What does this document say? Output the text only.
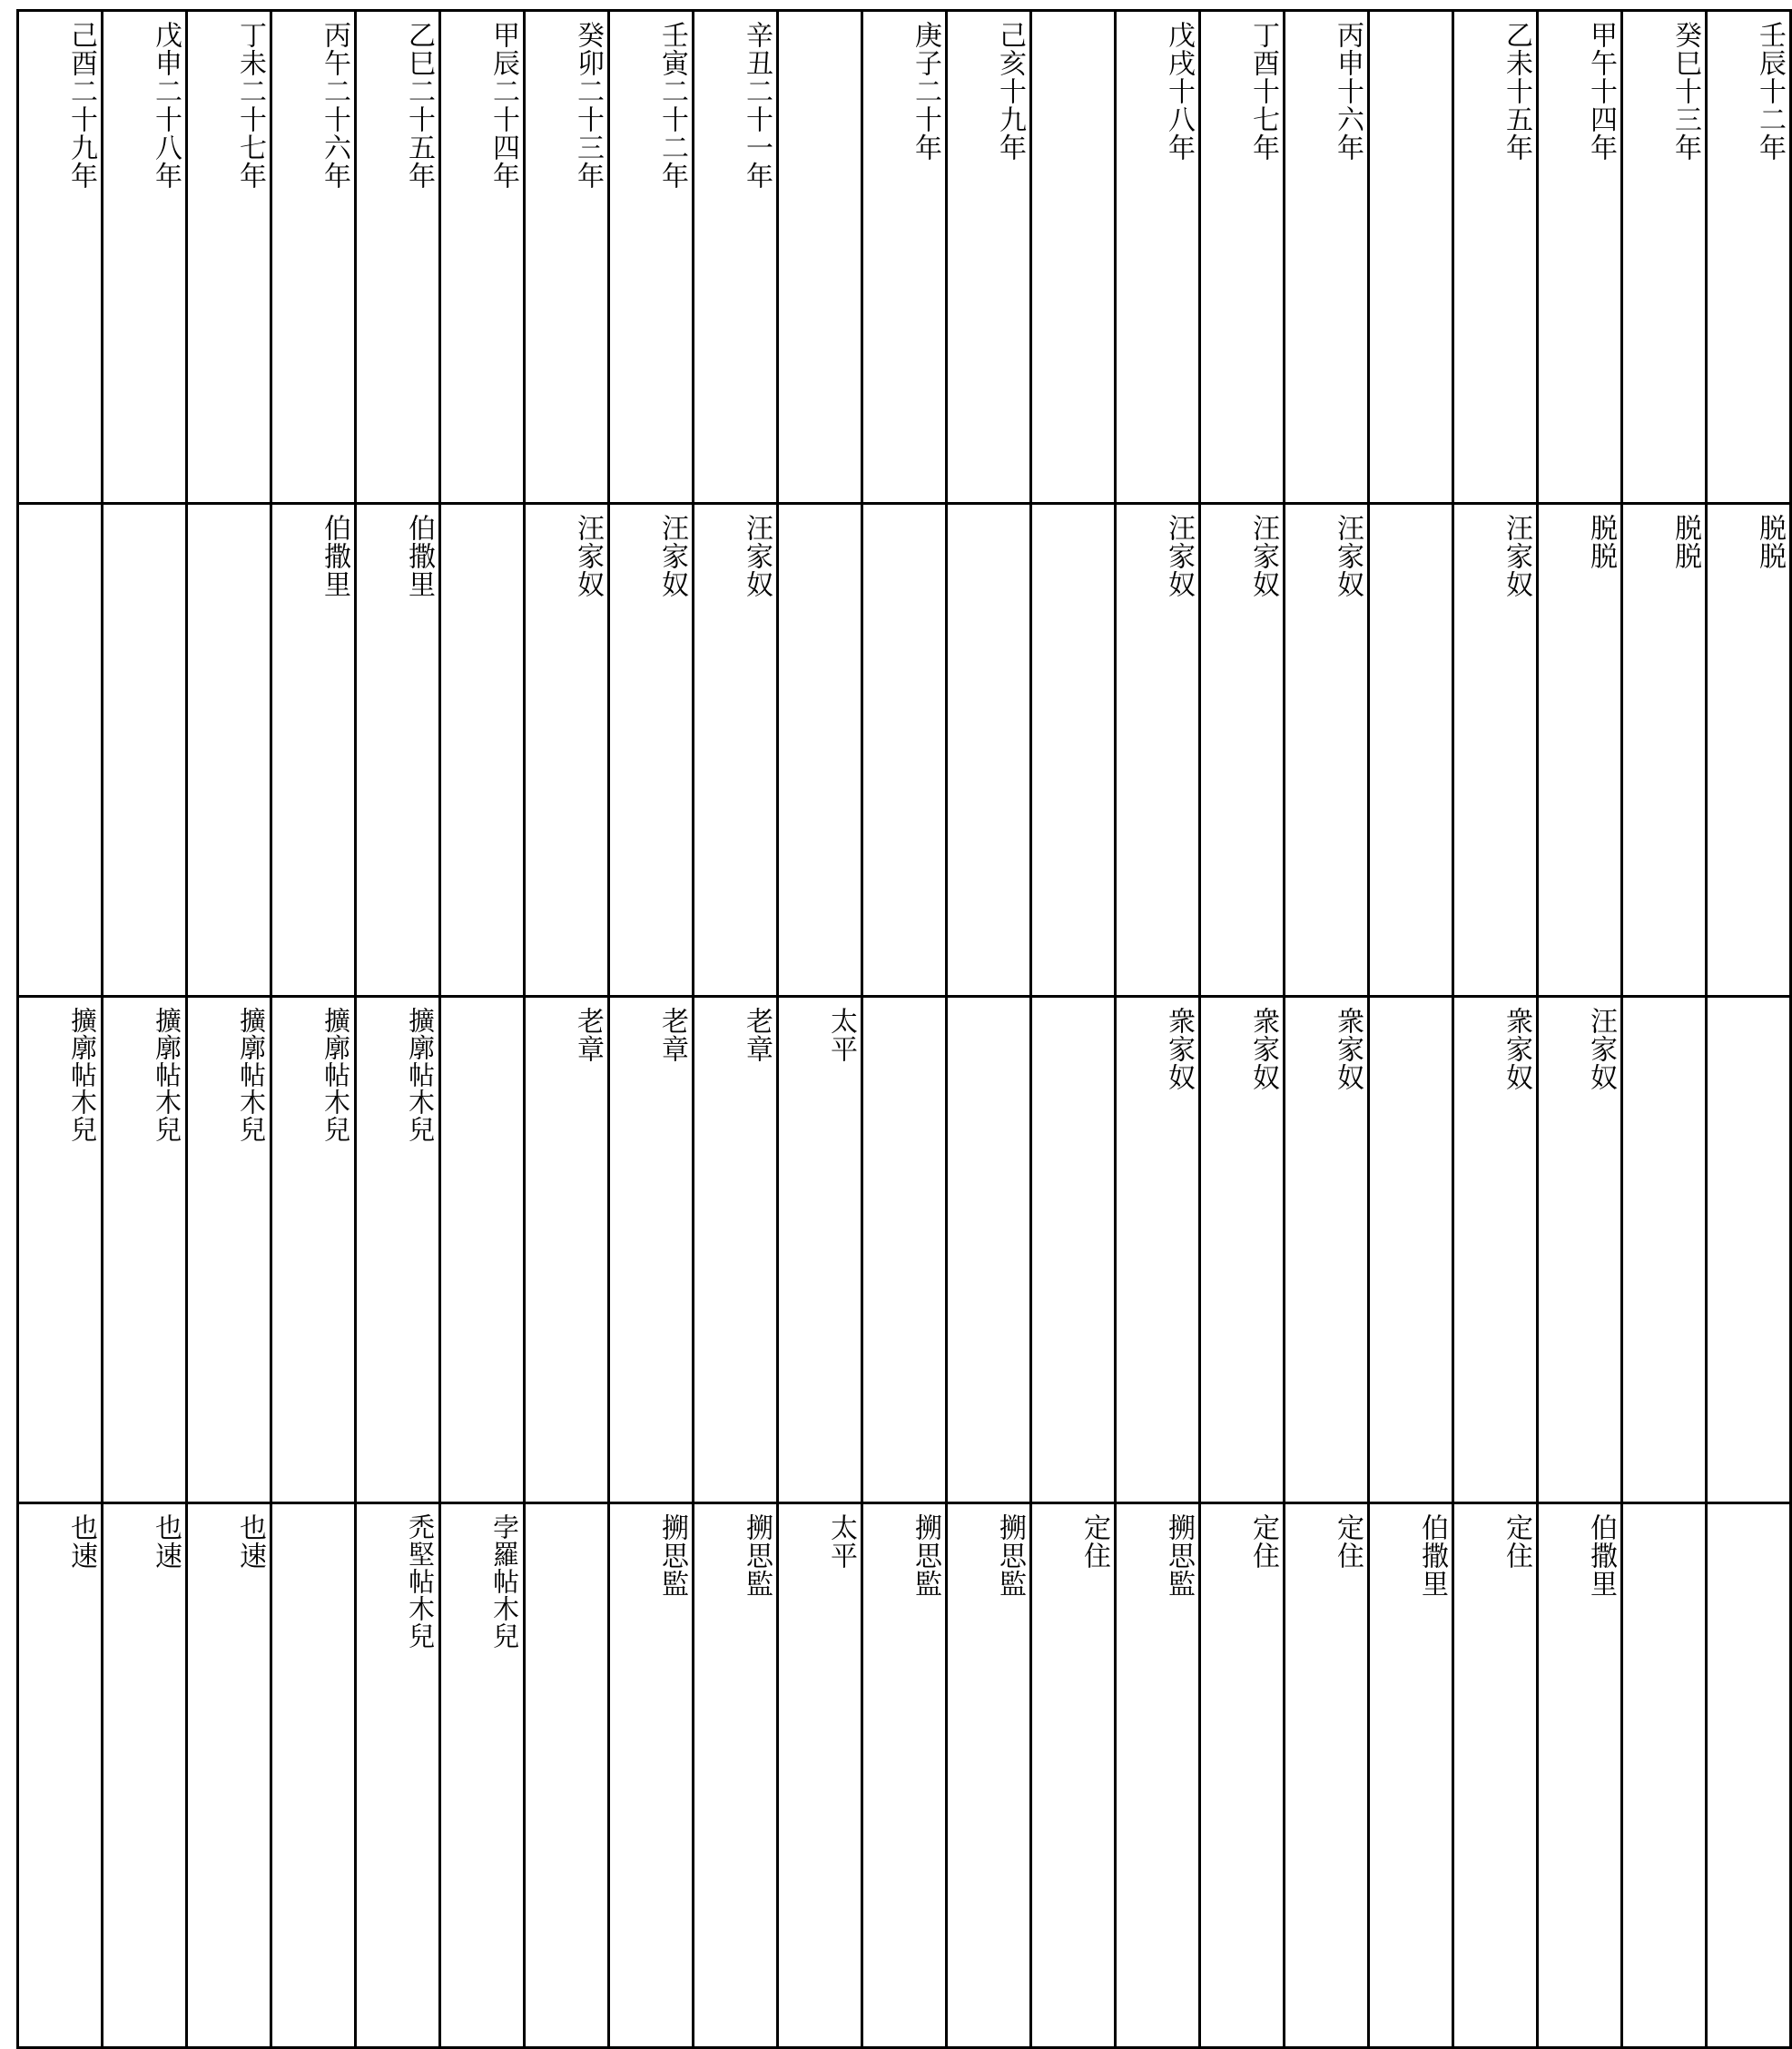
壬辰十二年	癸巳十三年	甲午十四年	乙未十五年		丙申十六年	丁酉十七年	戊戌十八年		己亥十九年	庚子二十年		辛丑二十一年	壬寅二十二年	癸卯二十三年	甲辰二十四年	乙巳二十五年	丙午二十六年	丁未二十七年	戊申二十八年	己酉二十九年

脱脱	脱脱	脱脱	汪家奴		汪家奴	汪家奴	汪家奴					汪家奴	汪家奴	汪家奴		伯撒里	伯撒里			

		汪家奴	衆家奴		衆家奴	衆家奴	衆家奴				太平	老章	老章	老章		擴廓帖木兒	擴廓帖木兒	擴廓帖木兒	擴廓帖木兒	擴廓帖木兒

		伯撒里	定住	伯撒里	定住	定住	搠思監	定住	搠思監	搠思監	太平	搠思監	搠思監		孛羅帖木兒	禿堅帖木兒		也速	也速	也速
